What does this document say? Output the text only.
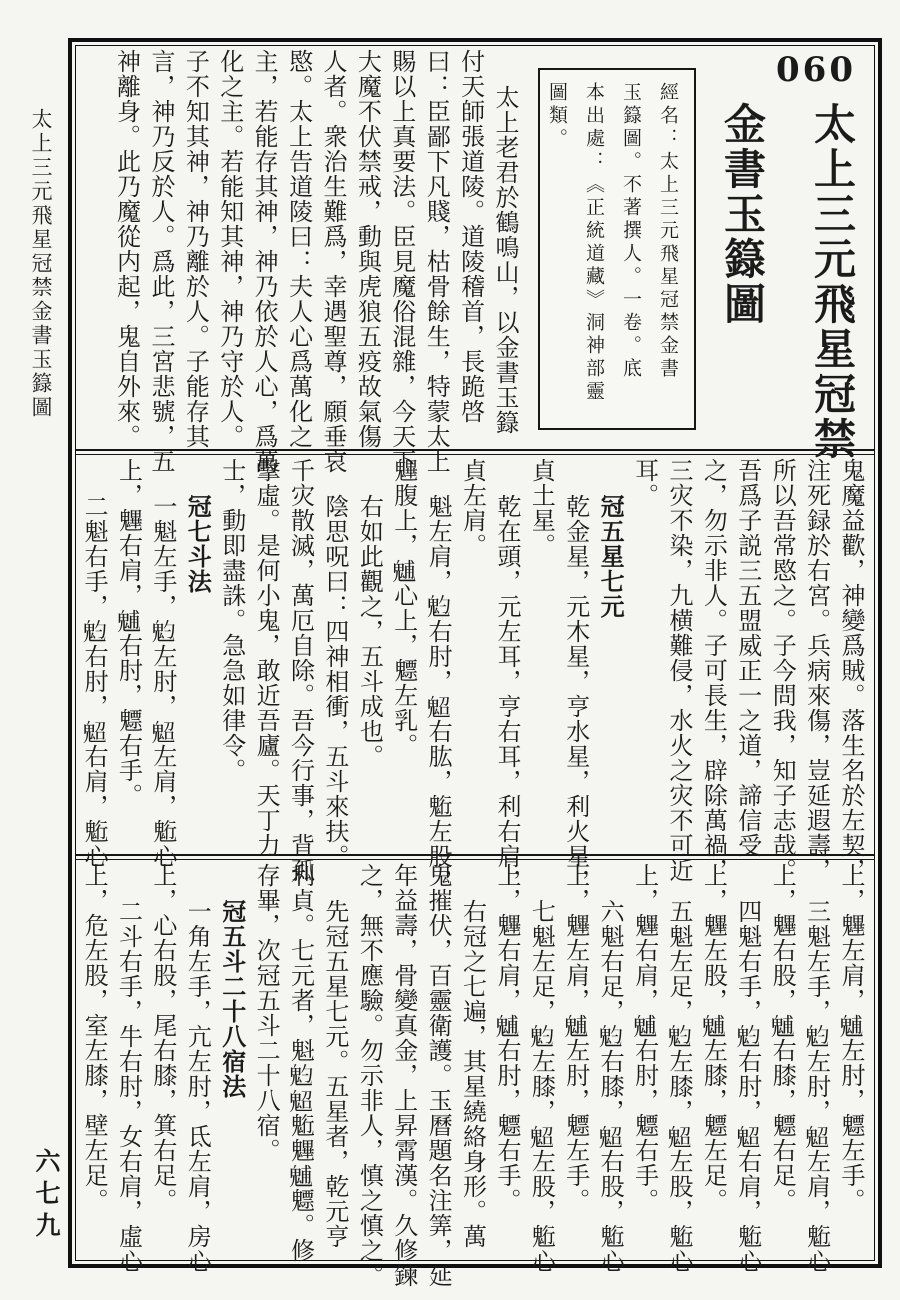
太上三元飛星冠禁金書玉籙圖
六七九
060
太上三元飛星冠禁
金書玉籙圖
經名：太上三元飛星冠禁金書
玉籙圖。不著撰人。一卷。底
本出處：《正統道藏》洞神部靈
圖類。
太上老君於鶴鳴山，以金書玉籙
付天師張道陵。道陵稽首，長跪啓
曰：臣鄙下凡賤，枯骨餘生，特蒙太上
賜以上真要法。臣見魔俗混雜，今天下
大魔不伏禁戒，動與虎狼五疫故氣傷
人者。衆治生難爲，幸遇聖尊，願垂哀
愍。太上告道陵曰：夫人心爲萬化之
主，若能存其神，神乃依於人心，爲萬
化之主。若能知其神，神乃守於人。
子不知其神，神乃離於人。子能存其
言，神乃反於人。爲此，三宮悲號，五
神離身。此乃魔從内起，鬼自外來。
鬼魔益歡，神變爲賊。落生名於左契，
注死録於右宮。兵病來傷，豈延遐壽，
所以吾常愍之。子今問我，知子志哉。
吾爲子説三五盟威正一之道，諦信受
之，勿示非人。子可長生，辟除萬禍，
三灾不染，九横難侵，水火之灾不可近
耳。
冠五星七元
乾金星，元木星，亨水星，利火星，
貞土星。
乾在頭，元左耳，亨右耳，利右肩，
貞左肩。
魁左肩，𩲃右肘，𩲤右肱，䰢左股，
魓腹上，𩳐心上，魒左乳。
右如此觀之，五斗成也。
陰思呪曰：四神相衝，五斗來扶。
千灾散滅，萬厄自除。吾今行事，背孤
擊虛。是何小鬼，敢近吾廬。天丁力
士，動即盡誅。急急如律令。
冠七斗法
一魁左手，𩲃左肘，𩲤左肩，䰢心
上，魓右肩，𩳐右肘，魒右手。
二魁右手，𩲃右肘，𩲤右肩，䰢心
上，魓左肩，𩳐左肘，魒左手。
三魁左手，𩲃左肘，𩲤左肩，䰢心
上，魓右股，𩳐右膝，魒右足。
四魁右手，𩲃右肘，𩲤右肩，䰢心
上，魓左股，𩳐左膝，魒左足。
五魁左足，𩲃左膝，𩲤左股，䰢心
上，魓右肩，𩳐右肘，魒右手。
六魁右足，𩲃右膝，𩲤右股，䰢心
上，魓左肩，𩳐左肘，魒左手。
七魁左足，𩲃左膝，𩲤左股，䰢心
上，魓右肩，𩳐右肘，魒右手。
右冠之七遍，其星繞絡身形。萬
鬼摧伏，百靈衛護。玉曆題名注筭，延
年益壽，骨變真金，上昇霄漢。久修鍊
之，無不應驗。勿示非人，慎之慎之。
先冠五星七元。五星者，乾元亨
利貞。七元者，魁𩲃𩲤䰢魓𩳐魒。修
存畢，次冠五斗二十八宿。
冠五斗二十八宿法
一角左手，亢左肘，氐左肩，房心
上，心右股，尾右膝，箕右足。
二斗右手，牛右肘，女右肩，虛心
上，危左股，室左膝，壁左足。
